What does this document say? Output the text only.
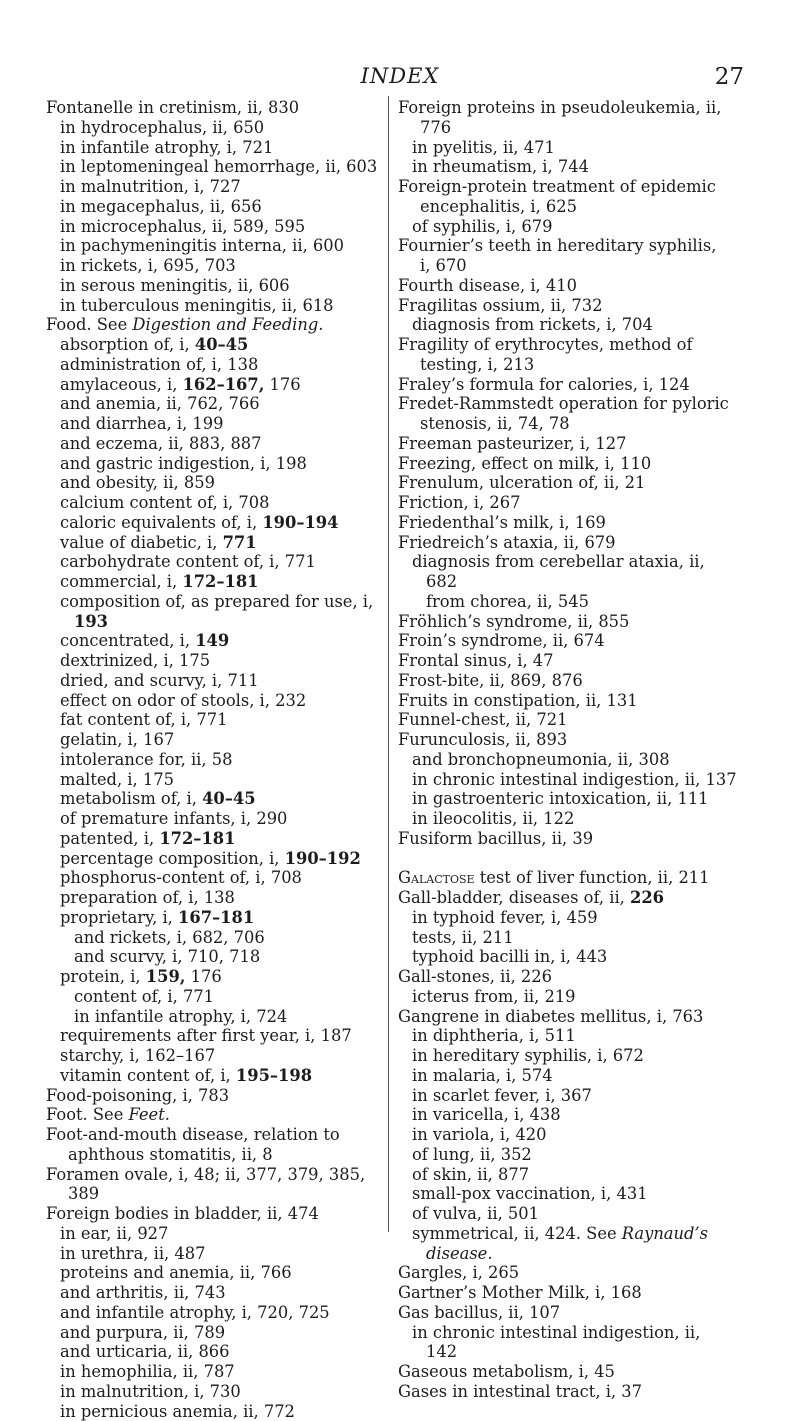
INDEX	27
Fontanelle in cretinism, ii, 830
in hydrocephalus, ii, 650
in infantile atrophy, i, 721
in leptomeningeal hemorrhage, ii, 603
in malnutrition, i, 727
in megacephalus, ii, 656
in microcephalus, ii, 589, 595
in pachymeningitis interna, ii, 600
in rickets, i, 695, 703
in serous meningitis, ii, 606
in tuberculous meningitis, ii, 618
Food. See Digestion and Feeding.
absorption of, i, 40–45
administration of, i, 138
amylaceous, i, 162–167, 176
and anemia, ii, 762, 766
and diarrhea, i, 199
and eczema, ii, 883, 887
and gastric indigestion, i, 198
and obesity, ii, 859
calcium content of, i, 708
caloric equivalents of, i, 190–194
value of diabetic, i, 771
carbohydrate content of, i, 771
commercial, i, 172–181
composition of, as prepared for use, i,
193
concentrated, i, 149
dextrinized, i, 175
dried, and scurvy, i, 711
effect on odor of stools, i, 232
fat content of, i, 771
gelatin, i, 167
intolerance for, ii, 58
malted, i, 175
metabolism of, i, 40–45
of premature infants, i, 290
patented, i, 172–181
percentage composition, i, 190–192
phosphorus-content of, i, 708
preparation of, i, 138
proprietary, i, 167–181
and rickets, i, 682, 706
and scurvy, i, 710, 718
protein, i, 159, 176
content of, i, 771
in infantile atrophy, i, 724
requirements after first year, i, 187
starchy, i, 162–167
vitamin content of, i, 195–198
Food-poisoning, i, 783
Foot. See Feet.
Foot-and-mouth disease, relation to
aphthous stomatitis, ii, 8
Foramen ovale, i, 48; ii, 377, 379, 385,
389
Foreign bodies in bladder, ii, 474
in ear, ii, 927
in urethra, ii, 487
proteins and anemia, ii, 766
and arthritis, ii, 743
and infantile atrophy, i, 720, 725
and purpura, ii, 789
and urticaria, ii, 866
in hemophilia, ii, 787
in malnutrition, i, 730
in pernicious anemia, ii, 772
Foreign proteins in pseudoleukemia, ii,
776
in pyelitis, ii, 471
in rheumatism, i, 744
Foreign-protein treatment of epidemic
encephalitis, i, 625
of syphilis, i, 679
Fournier’s teeth in hereditary syphilis,
i, 670
Fourth disease, i, 410
Fragilitas ossium, ii, 732
diagnosis from rickets, i, 704
Fragility of erythrocytes, method of
testing, i, 213
Fraley’s formula for calories, i, 124
Fredet-Rammstedt operation for pyloric
stenosis, ii, 74, 78
Freeman pasteurizer, i, 127
Freezing, effect on milk, i, 110
Frenulum, ulceration of, ii, 21
Friction, i, 267
Friedenthal’s milk, i, 169
Friedreich’s ataxia, ii, 679
diagnosis from cerebellar ataxia, ii,
682
from chorea, ii, 545
Fröhlich’s syndrome, ii, 855
Froin’s syndrome, ii, 674
Frontal sinus, i, 47
Frost-bite, ii, 869, 876
Fruits in constipation, ii, 131
Funnel-chest, ii, 721
Furunculosis, ii, 893
and bronchopneumonia, ii, 308
in chronic intestinal indigestion, ii, 137
in gastroenteric intoxication, ii, 111
in ileocolitis, ii, 122
Fusiform bacillus, ii, 39
Galactose test of liver function, ii, 211
Gall-bladder, diseases of, ii, 226
in typhoid fever, i, 459
tests, ii, 211
typhoid bacilli in, i, 443
Gall-stones, ii, 226
icterus from, ii, 219
Gangrene in diabetes mellitus, i, 763
in diphtheria, i, 511
in hereditary syphilis, i, 672
in malaria, i, 574
in scarlet fever, i, 367
in varicella, i, 438
in variola, i, 420
of lung, ii, 352
of skin, ii, 877
small-pox vaccination, i, 431
of vulva, ii, 501
symmetrical, ii, 424. See Raynaud’s
disease.
Gargles, i, 265
Gartner’s Mother Milk, i, 168
Gas bacillus, ii, 107
in chronic intestinal indigestion, ii,
142
Gaseous metabolism, i, 45
Gases in intestinal tract, i, 37
